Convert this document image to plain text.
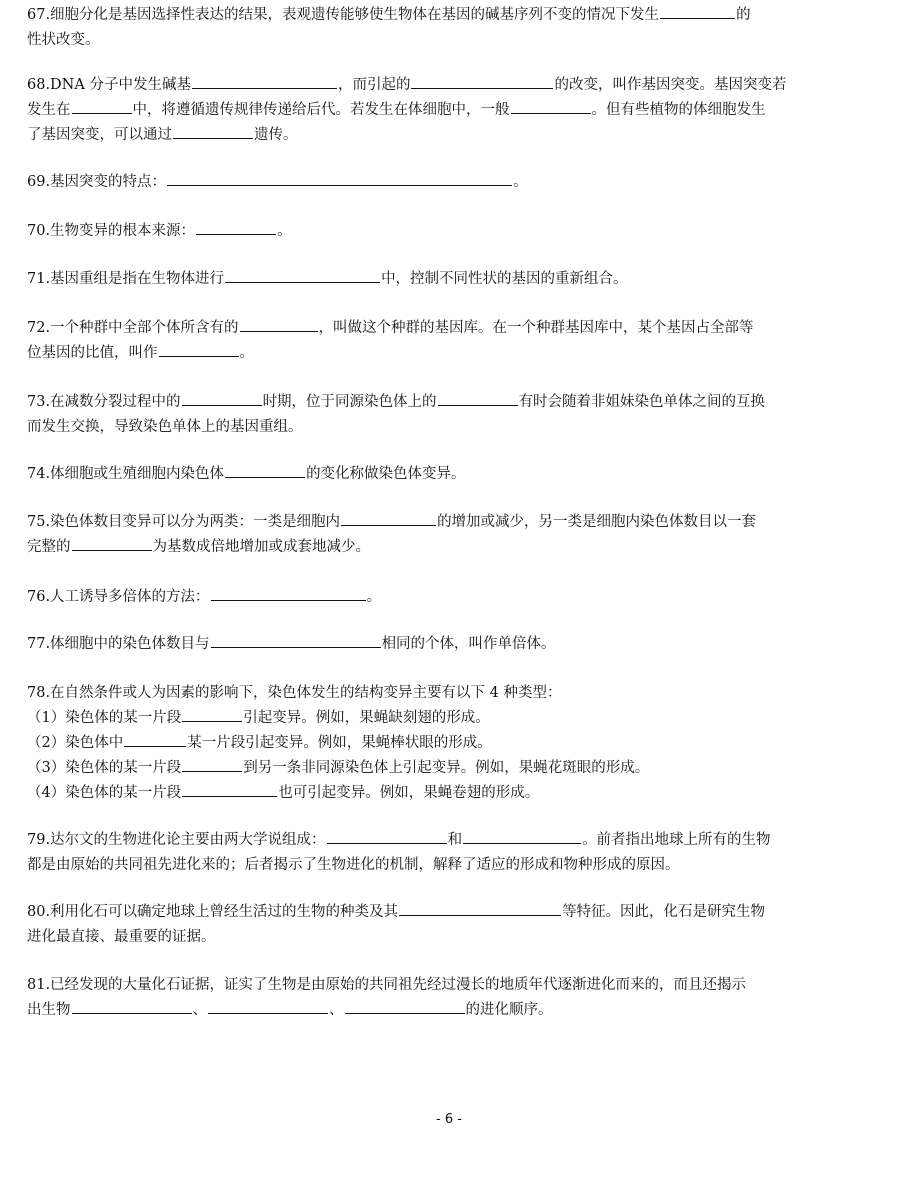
67.细胞分化是基因选择性表达的结果，表观遗传能够使生物体在基因的碱基序列不变的情况下发生	的
性状改变。
68.DNA 分子中发生碱基	，而引起的	的改变，叫作基因突变。基因突变若
发生在	中，将遵循遗传规律传递给后代。若发生在体细胞中，一般	。但有些植物的体细胞发生
了基因突变，可以通过	遗传。
69.基因突变的特点：	。
70.生物变异的根本来源：	。
71.基因重组是指在生物体进行	中，控制不同性状的基因的重新组合。
72.一个种群中全部个体所含有的	，叫做这个种群的基因库。在一个种群基因库中，某个基因占全部等
位基因的比值，叫作	。
73.在减数分裂过程中的	时期，位于同源染色体上的	有时会随着非姐妹染色单体之间的互换
而发生交换，导致染色单体上的基因重组。
74.体细胞或生殖细胞内染色体	的变化称做染色体变异。
75.染色体数目变异可以分为两类：一类是细胞内	的增加或减少，另一类是细胞内染色体数目以一套
完整的	为基数成倍地增加或成套地减少。
76.人工诱导多倍体的方法：	。
77.体细胞中的染色体数目与	相同的个体，叫作单倍体。
78.在自然条件或人为因素的影响下，染色体发生的结构变异主要有以下 4 种类型：
（1）染色体的某一片段	引起变异。例如，果蝇缺刻翅的形成。
（2）染色体中	某一片段引起变异。例如，果蝇棒状眼的形成。
（3）染色体的某一片段	到另一条非同源染色体上引起变异。例如，果蝇花斑眼的形成。
（4）染色体的某一片段	也可引起变异。例如，果蝇卷翅的形成。
79.达尔文的生物进化论主要由两大学说组成：	和	。前者指出地球上所有的生物
都是由原始的共同祖先进化来的；后者揭示了生物进化的机制，解释了适应的形成和物种形成的原因。
80.利用化石可以确定地球上曾经生活过的生物的种类及其	等特征。因此，化石是研究生物
进化最直接、最重要的证据。
81.已经发现的大量化石证据，证实了生物是由原始的共同祖先经过漫长的地质年代逐渐进化而来的，而且还揭示
出生物	、	、	的进化顺序。
- 6 -
